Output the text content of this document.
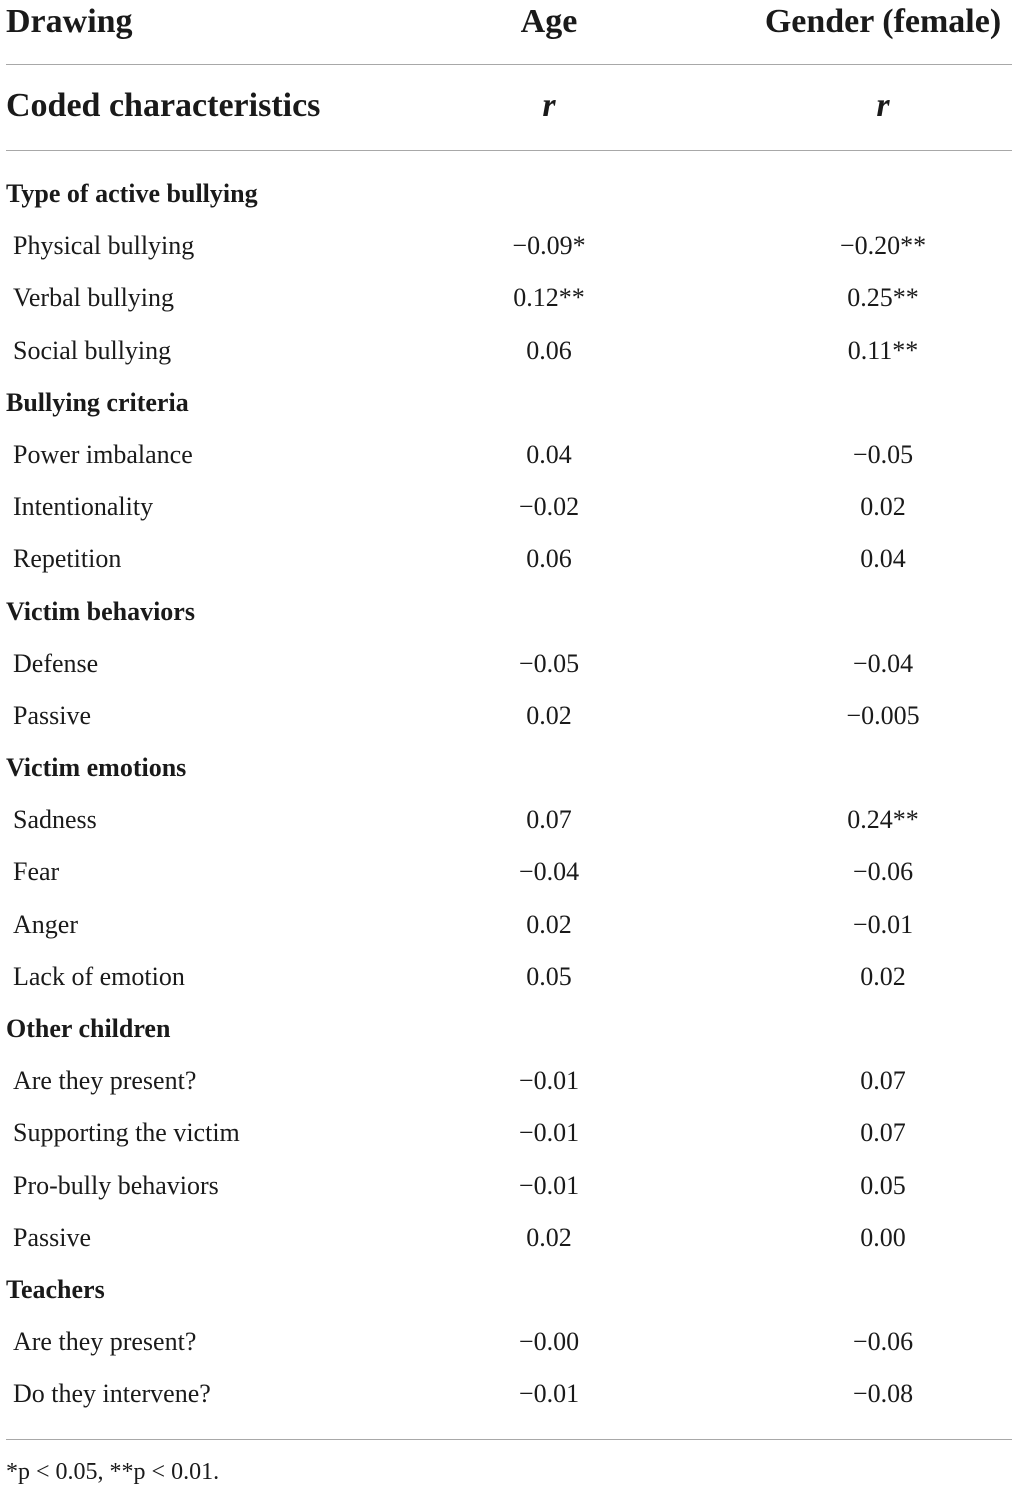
Drawing	Age	Gender (female)
Coded characteristics	r	r
Type of active bullying
Physical bullying	−0.09*	−0.20**
Verbal bullying	0.12**	0.25**
Social bullying	0.06	0.11**
Bullying criteria
Power imbalance	0.04	−0.05
Intentionality	−0.02	0.02
Repetition	0.06	0.04
Victim behaviors
Defense	−0.05	−0.04
Passive	0.02	−0.005
Victim emotions
Sadness	0.07	0.24**
Fear	−0.04	−0.06
Anger	0.02	−0.01
Lack of emotion	0.05	0.02
Other children
Are they present?	−0.01	0.07
Supporting the victim	−0.01	0.07
Pro-bully behaviors	−0.01	0.05
Passive	0.02	0.00
Teachers
Are they present?	−0.00	−0.06
Do they intervene?	−0.01	−0.08
*p < 0.05, **p < 0.01.
